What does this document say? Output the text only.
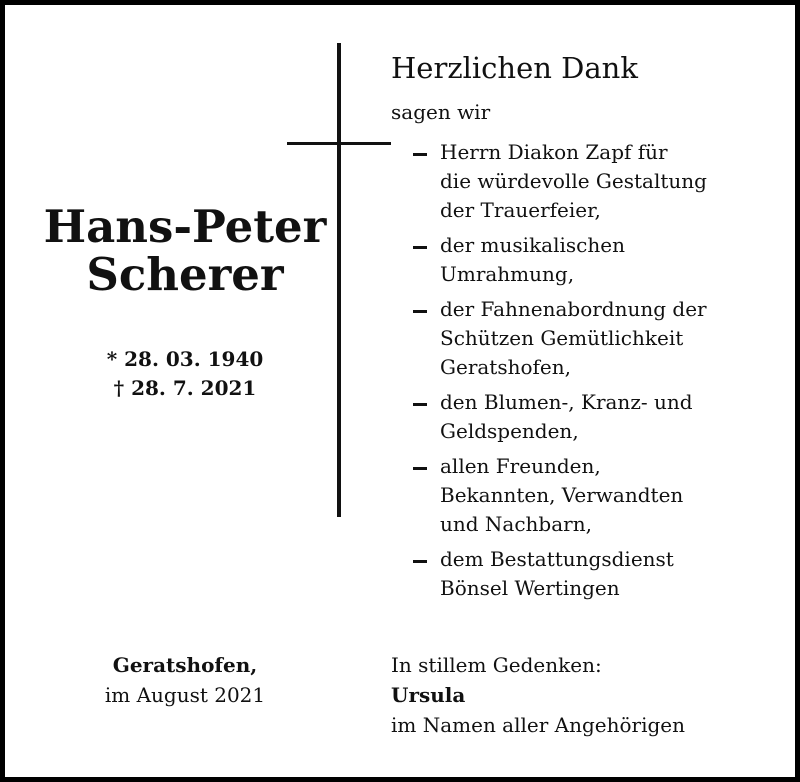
Hans-Peter
Scherer
* 28. 03. 1940
† 28. 7. 2021
Geratshofen,
im August 2021
Herzlichen Dank
sagen wir
Herrn Diakon Zapf für
die würdevolle Gestaltung
der Trauerfeier,
der musikalischen
Umrahmung,
der Fahnenabordnung der
Schützen Gemütlichkeit
Geratshofen,
den Blumen-, Kranz- und
Geldspenden,
allen Freunden,
Bekannten, Verwandten
und Nachbarn,
dem Bestattungsdienst
Bönsel Wertingen
In stillem Gedenken:
Ursula
im Namen aller Angehörigen
